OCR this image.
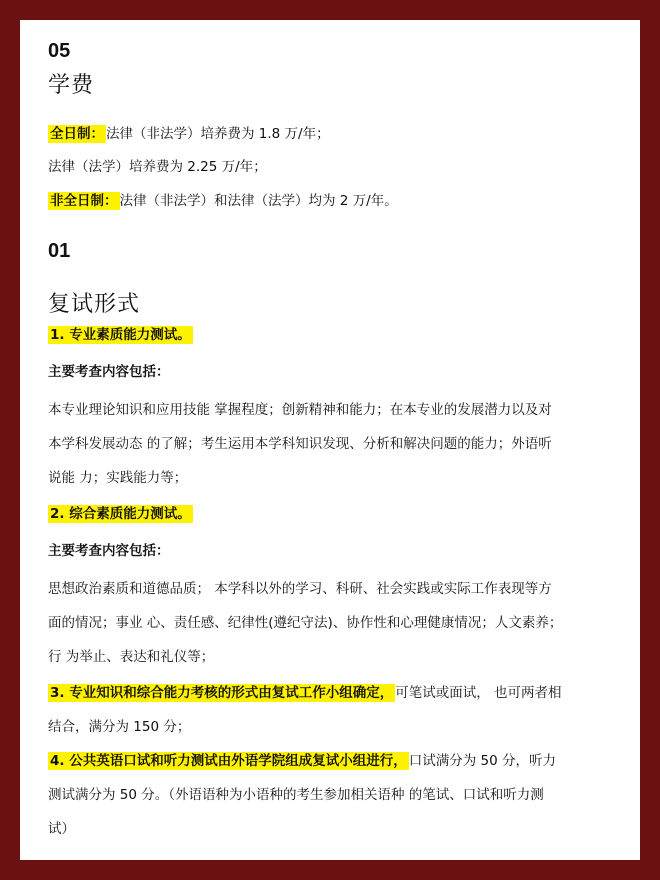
05
学费
全日制： 法律（非法学）培养费为 1.8 万/年；
法律（法学）培养费为 2.25 万/年；
非全日制： 法律（非法学）和法律（法学）均为 2 万/年。
01
复试形式
1. 专业素质能力测试。
主要考查内容包括：
本专业理论知识和应用技能 掌握程度；创新精神和能力；在本专业的发展潜力以及对
本学科发展动态 的了解；考生运用本学科知识发现、分析和解决问题的能力；外语听
说能 力；实践能力等；
2. 综合素质能力测试。
主要考查内容包括：
思想政治素质和道德品质； 本学科以外的学习、科研、社会实践或实际工作表现等方
面的情况；事业 心、责任感、纪律性(遵纪守法)、协作性和心理健康情况；人文素养；
行 为举止、表达和礼仪等；
3. 专业知识和综合能力考核的形式由复试工作小组确定， 可笔试或面试， 也可两者相
结合，满分为 150 分；
4. 公共英语口试和听力测试由外语学院组成复试小组进行， 口试满分为 50 分，听力
测试满分为 50 分。（外语语种为小语种的考生参加相关语种 的笔试、口试和听力测
试）
